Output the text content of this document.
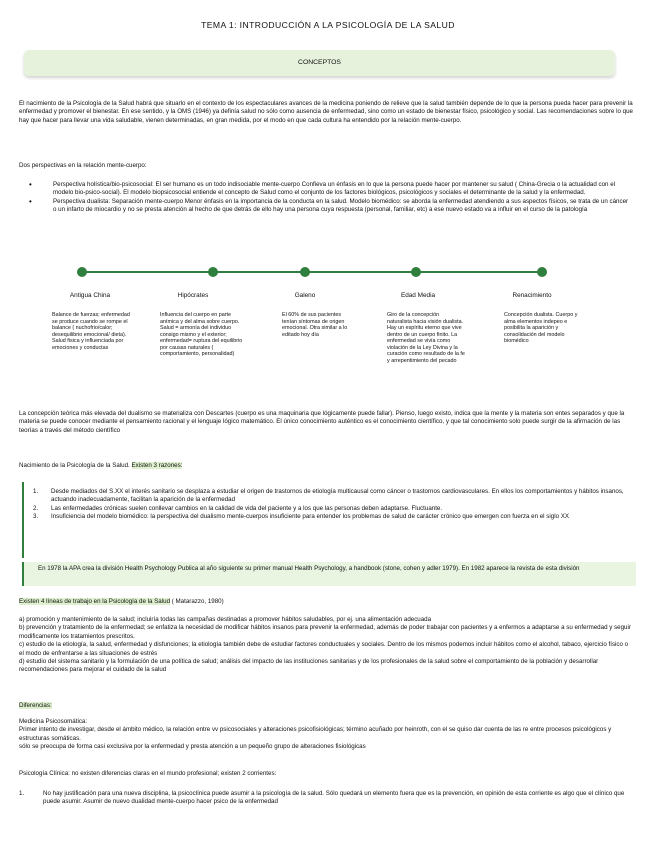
TEMA 1: INTRODUCCIÓN A LA PSICOLOGÍA DE LA SALUD
CONCEPTOS

El nacimiento de la Psicología de la Salud habrá que situarlo en el contexto de los espectaculares avances de la medicina poniendo de relieve que la salud también depende de lo que la persona pueda hacer para prevenir la enfermedad y promover el bienestar. En ese sentido, y la OMS (1946) ya definía salud no sólo como ausencia de enfermedad, sino como un estado de bienestar físico, psicológico y social. Las recomendaciones sobre lo que hay que hacer para llevar una vida saludable, vienen determinadas, en gran medida, por el modo en que cada cultura ha entendido por la relación mente-cuerpo.

Dos perspectivas en la relación mente-cuerpo:

•	Perspectiva holística/bio-psicosocial: El ser humano es un todo indisociable mente-cuerpo Confieva un énfasis en lo que la persona puede hacer por mantener su salud ( China-Grecia o la actualidad con el modelo bio-psico-social). El modelo biopsicosocial entiende el concepto de Salud como el conjunto de los factores biológicos, psicológicos y sociales el determinante de la salud y la enfermedad.
•	Perspectiva dualista: Separación mente-cuerpo Menor énfasis en la importancia de la conducta en la salud. Modelo biomédico: se aborda la enfermedad atendiendo a sus aspectos físicos, se trata de un cáncer o un infarto de miocardio y no se presta atención al hecho de que detrás de ello hay una persona cuya respuesta (personal, familiar, etc) a ese nuevo estado va a influir en el curso de la patología
Antigua China	Hipócrates	Galeno	Edad Media	Renacimiento
Balance de fuerzas; enfermedad se produce cuando se rompe el balance ( nuchofrio/calor; desequilibrio emocional/ dieta). Salud fisica y influenciada por emociones y conductas
Influencia del cuerpo en parte anímica y del alma sobre cuerpo. Salud = armonía del individuo consigo mismo y el exterior; enfermedad= ruptura del equilibrio por causas naturales ( comportamiento, personalidad)
El 60% de sus pacientes tenían síntomas de origen emocional. Otra similar a lo editado hoy día
Giro de la concepción naturalista hacia visión dualista. Hay un espíritu eterno que vive dentro de un cuerpo finito. La enfermedad se vivía como violación de la Ley Divina y la curación como resultado de la fe y arrepentimiento del pecado
Concepción dualista. Cuerpo y alma elementos indepeo e posibilita la aparición y consolidación del modelo biomédico

La concepción teórica más elevada del dualismo se materializa con Descartes (cuerpo es una maquinaria que lógicamente puede fallar). Pienso, luego existo, indica que la mente y la materia son entes separados y que la materia se puede conocer mediante el pensamiento racional y el lenguaje lógico matemático. El único conocimiento auténtico es el conocimiento científico, y que tal conocimiento solo puede surgir de la afirmación de las teorías a través del método científico

Nacimiento de la Psicología de la Salud. Existen 3 razones:

1. Desde mediados del S.XX el interés sanitario se desplaza a estudiar el origen de trastornos de etiología multicausal como cáncer o trastornos cardiovasculares. En ellos los comportamientos y hábitos insanos, actuando inadecuadamente, facilitan la aparición de la enfermedad
2. Las enfermedades crónicas suelen conllevar cambios en la calidad de vida del paciente y a los que las personas deben adaptarse. Fluctuante.
3. Insuficiencia del modelo biomédico: la perspectiva del dualismo mente-cuerpos insuficiente para entender los problemas de salud de carácter crónico que emergen con fuerza en el siglo XX
En 1978 la APA crea la división Health Psychology Publica al año siguiente su primer manual Health Psychology, a handbook (stone, cohen y adler 1979). En 1982 aparece la revista de esta división

Existen 4 líneas de trabajo en la Psicología de la Salud ( Matarazzo, 1980)

a) promoción y mantenimiento de la salud; incluiría todas las campañas destinadas a promover hábitos saludables, por ej. una alimentación adecuada
b) prevención y tratamiento de la enfermedad; se enfatiza la necesidad de modificar hábitos insanos para prevenir la enfermedad, además de poder trabajar con pacientes y a enfermos a adaptarse a su enfermedad y seguir modificamente los tratamientos prescritos.
c) estudio de la etiología, la salud, enfermedad y disfunciones; la etiología también debe de estudiar factores conductuales y sociales. Dentro de los mismos podemos incluir hábitos como el alcohol, tabaco, ejercicio físico o el modo de enfrentarse a las situaciones de estrés
d) estudio del sistema sanitario y la formulación de una política de salud; análisis del impacto de las instituciones sanitarias y de los profesionales de la salud sobre el comportamiento de la población y desarrollar recomendaciones para mejorar el cuidado de la salud

Diferencias:

Medicina Psicosomática:
Primer intento de investigar, desde el ámbito médico, la relación entre vv psicosociales y alteraciones psicofisiológicas; término acuñado por heinroth, con el se quiso dar cuenta de las re entre procesos psicológicos y estructuras somáticas.
sólo se preocupa de forma casi exclusiva por la enfermedad y presta atención a un pequeño grupo de alteraciones fisiológicas

Psicología Clínica: no existen diferencias claras en el mundo profesional; existen 2 corrientes:

1.	No hay justificación para una nueva disciplina, la psicoclínica puede asumir a la psicología de la salud. Sólo quedará un elemento fuera que es la prevención, en opinión de esta corriente es algo que el clínico que puede asumir. Asumir de nuevo dualidad mente-cuerpo hacer psico de la enfermedad
